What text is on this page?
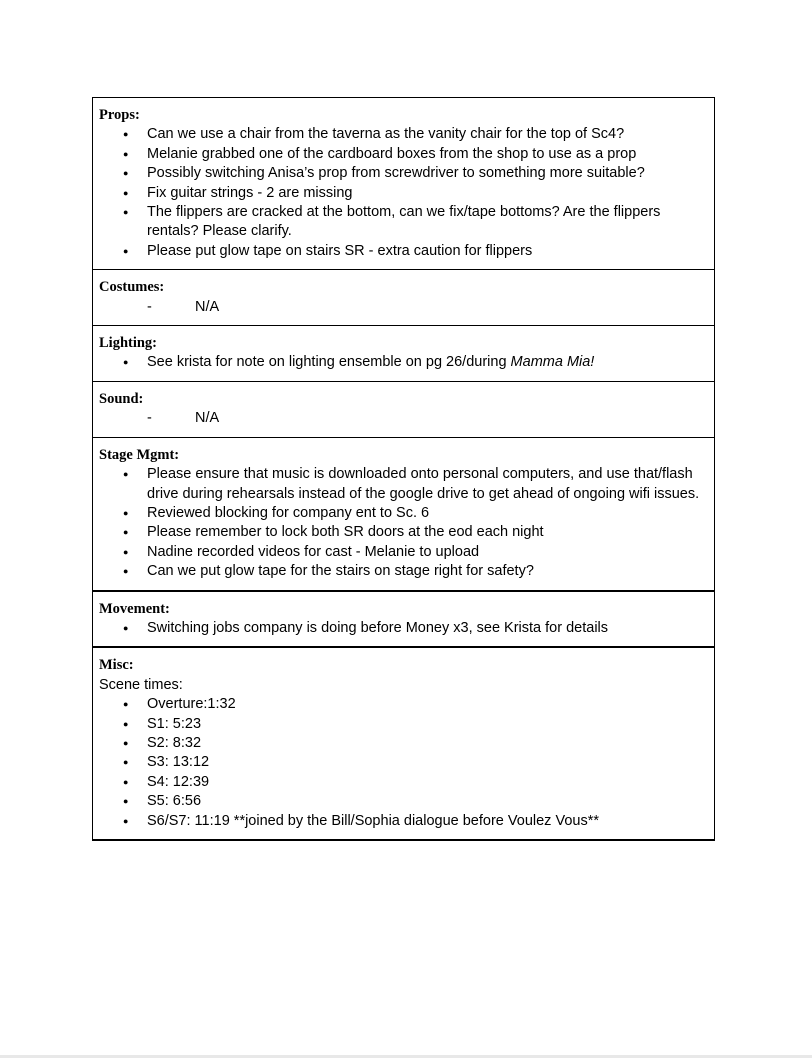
Props:
● Can we use a chair from the taverna as the vanity chair for the top of Sc4?
● Melanie grabbed one of the cardboard boxes from the shop to use as a prop
● Possibly switching Anisa’s prop from screwdriver to something more suitable?
● Fix guitar strings - 2 are missing
● The flippers are cracked at the bottom, can we fix/tape bottoms? Are the flippers rentals? Please clarify.
● Please put glow tape on stairs SR - extra caution for flippers

Costumes:
-	N/A

Lighting:
● See krista for note on lighting ensemble on pg 26/during Mamma Mia!

Sound:
-	N/A

Stage Mgmt:
● Please ensure that music is downloaded onto personal computers, and use that/flash drive during rehearsals instead of the google drive to get ahead of ongoing wifi issues.
● Reviewed blocking for company ent to Sc. 6
● Please remember to lock both SR doors at the eod each night
● Nadine recorded videos for cast - Melanie to upload
● Can we put glow tape for the stairs on stage right for safety?

Movement:
● Switching jobs company is doing before Money x3, see Krista for details

Misc:
Scene times:
● Overture:1:32
● S1: 5:23
● S2: 8:32
● S3: 13:12
● S4: 12:39
● S5: 6:56
● S6/S7: 11:19 **joined by the Bill/Sophia dialogue before Voulez Vous**
